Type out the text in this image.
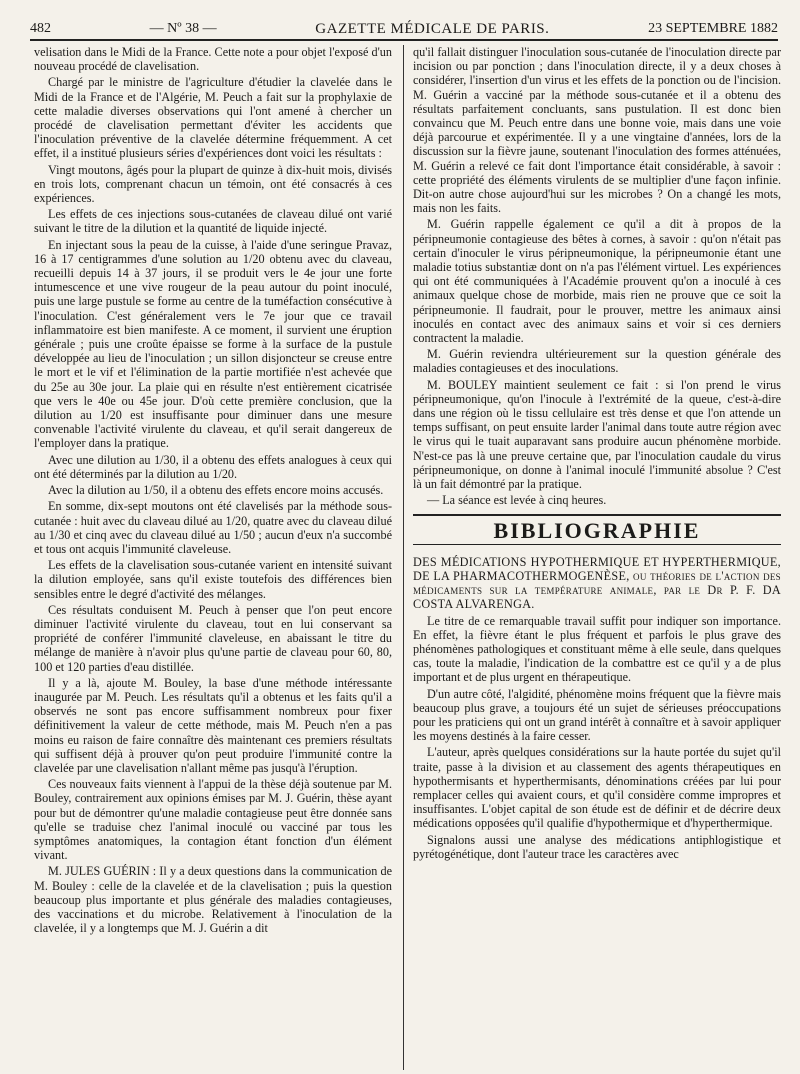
482	— Nº 38 —	GAZETTE MÉDICALE DE PARIS.	23 SEPTEMBRE 1882

velisation dans le Midi de la France. Cette note a pour objet l'exposé d'un nouveau procédé de clavelisation.

Chargé par le ministre de l'agriculture d'étudier la clavelée dans le Midi de la France et de l'Algérie, M. Peuch a fait sur la prophylaxie de cette maladie diverses observations qui l'ont amené à chercher un procédé de clavelisation permettant d'éviter les accidents que l'inoculation préventive de la clavelée détermine fréquemment. A cet effet, il a institué plusieurs séries d'expériences dont voici les résultats :

Vingt moutons, âgés pour la plupart de quinze à dix-huit mois, divisés en trois lots, comprenant chacun un témoin, ont été consacrés à ces expériences.

Les effets de ces injections sous-cutanées de claveau dilué ont varié suivant le titre de la dilution et la quantité de liquide injecté.

En injectant sous la peau de la cuisse, à l'aide d'une seringue Pravaz, 16 à 17 centigrammes d'une solution au 1/20 obtenu avec du claveau, recueilli depuis 14 à 37 jours, il se produit vers le 4e jour une forte intumescence et une vive rougeur de la peau autour du point inoculé, puis une large pustule se forme au centre de la tuméfaction consécutive à l'inoculation. C'est généralement vers le 7e jour que ce travail inflammatoire est bien manifeste. A ce moment, il survient une éruption générale ; puis une croûte épaisse se forme à la surface de la pustule développée au lieu de l'inoculation ; un sillon disjoncteur se creuse entre le mort et le vif et l'élimination de la partie mortifiée n'est achevée que du 25e au 30e jour. La plaie qui en résulte n'est entièrement cicatrisée que vers le 40e ou 45e jour. D'où cette première conclusion, que la dilution au 1/20 est insuffisante pour diminuer dans une mesure convenable l'activité virulente du claveau, et qu'il serait dangereux de l'employer dans la pratique.

Avec une dilution au 1/30, il a obtenu des effets analogues à ceux qui ont été déterminés par la dilution au 1/20.

Avec la dilution au 1/50, il a obtenu des effets encore moins accusés.

En somme, dix-sept moutons ont été clavelisés par la méthode sous-cutanée : huit avec du claveau dilué au 1/20, quatre avec du claveau dilué au 1/30 et cinq avec du claveau dilué au 1/50 ; aucun d'eux n'a succombé et tous ont acquis l'immunité claveleuse.

Les effets de la clavelisation sous-cutanée varient en intensité suivant la dilution employée, sans qu'il existe toutefois des différences bien sensibles entre le degré d'activité des mélanges.

Ces résultats conduisent M. Peuch à penser que l'on peut encore diminuer l'activité virulente du claveau, tout en lui conservant sa propriété de conférer l'immunité claveleuse, en abaissant le titre du mélange de manière à n'avoir plus qu'une partie de claveau pour 60, 80, 100 et 120 parties d'eau distillée.

Il y a là, ajoute M. Bouley, la base d'une méthode intéressante inaugurée par M. Peuch. Les résultats qu'il a obtenus et les faits qu'il a observés ne sont pas encore suffisamment nombreux pour fixer définitivement la valeur de cette méthode, mais M. Peuch n'en a pas moins eu raison de faire connaître dès maintenant ces premiers résultats qui suffisent déjà à prouver qu'on peut produire l'immunité contre la clavelée par une clavelisation n'allant même pas jusqu'à l'éruption.

Ces nouveaux faits viennent à l'appui de la thèse déjà soutenue par M. Bouley, contrairement aux opinions émises par M. J. Guérin, thèse ayant pour but de démontrer qu'une maladie contagieuse peut être donnée sans qu'elle se traduise chez l'animal inoculé ou vacciné par tous les symptômes anatomiques, la contagion étant fonction d'un élément vivant.

M. JULES GUÉRIN : Il y a deux questions dans la communication de M. Bouley : celle de la clavelée et de la clavelisation ; puis la question beaucoup plus importante et plus générale des maladies contagieuses, des vaccinations et du microbe. Relativement à l'inoculation de la clavelée, il y a longtemps que M. J. Guérin a dit

qu'il fallait distinguer l'inoculation sous-cutanée de l'inoculation directe par incision ou par ponction ; dans l'inoculation directe, il y a deux choses à considérer, l'insertion d'un virus et les effets de la ponction ou de l'incision. M. Guérin a vacciné par la méthode sous-cutanée et il a obtenu des résultats parfaitement concluants, sans pustulation. Il est donc bien convaincu que M. Peuch entre dans une bonne voie, mais dans une voie déjà parcourue et expérimentée. Il y a une vingtaine d'années, lors de la discussion sur la fièvre jaune, soutenant l'inoculation des formes atténuées, M. Guérin a relevé ce fait dont l'importance était considérable, à savoir : cette propriété des éléments virulents de se multiplier d'une façon infinie. Dit-on autre chose aujourd'hui sur les microbes ? On a changé les mots, mais non les faits.

M. Guérin rappelle également ce qu'il a dit à propos de la péripneumonie contagieuse des bêtes à cornes, à savoir : qu'on n'était pas certain d'inoculer le virus péripneumonique, la péripneumonie étant une maladie totius substantiæ dont on n'a pas l'élément virtuel. Les expériences qui ont été communiquées à l'Académie prouvent qu'on a inoculé à ces animaux quelque chose de morbide, mais rien ne prouve que ce soit la péripneumonie. Il faudrait, pour le prouver, mettre les animaux ainsi inoculés en contact avec des animaux sains et voir si ces derniers contractent la maladie.

M. Guérin reviendra ultérieurement sur la question générale des maladies contagieuses et des inoculations.

M. BOULEY maintient seulement ce fait : si l'on prend le virus péripneumonique, qu'on l'inocule à l'extrémité de la queue, c'est-à-dire dans une région où le tissu cellulaire est très dense et que l'on attende un temps suffisant, on peut ensuite larder l'animal dans toute autre région avec le virus qui le tuait auparavant sans produire aucun phénomène morbide. N'est-ce pas là une preuve certaine que, par l'inoculation caudale du virus péripneumonique, on donne à l'animal inoculé l'immunité absolue ? C'est là un fait démontré par la pratique.

— La séance est levée à cinq heures.

BIBLIOGRAPHIE

DES MÉDICATIONS HYPOTHERMIQUE ET HYPERTHERMIQUE, DE LA PHARMACOTHERMOGENÈSE, ou théories de l'action des médicaments sur la température animale, par le Dr P. F. DA COSTA ALVARENGA.

Le titre de ce remarquable travail suffit pour indiquer son importance. En effet, la fièvre étant le plus fréquent et parfois le plus grave des phénomènes pathologiques et constituant même à elle seule, dans quelques cas, toute la maladie, l'indication de la combattre est ce qu'il y a de plus important et de plus urgent en thérapeutique.

D'un autre côté, l'algidité, phénomène moins fréquent que la fièvre mais beaucoup plus grave, a toujours été un sujet de sérieuses préoccupations pour les praticiens qui ont un grand intérêt à connaître et à savoir appliquer les moyens destinés à la faire cesser.

L'auteur, après quelques considérations sur la haute portée du sujet qu'il traite, passe à la division et au classement des agents thérapeutiques en hypothermisants et hyperthermisants, dénominations créées par lui pour remplacer celles qui avaient cours, et qu'il considère comme impropres et insuffisantes. L'objet capital de son étude est de définir et de décrire deux médications opposées qu'il qualifie d'hypothermique et d'hyperthermique.

Signalons aussi une analyse des médications antiphlogistique et pyrétogénétique, dont l'auteur trace les caractères avec
